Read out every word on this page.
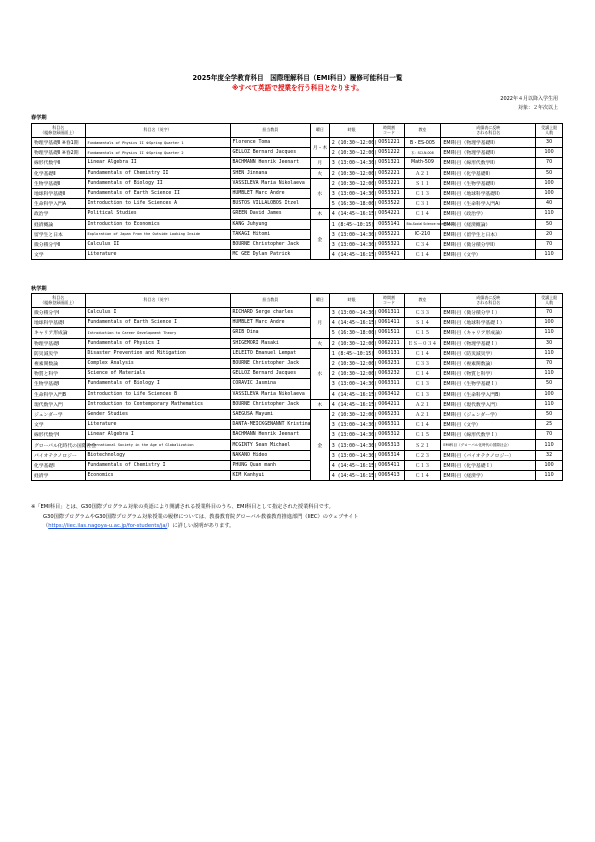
2025年度全学教育科目　国際理解科目（EMI科目）履修可能科目一覧
※すべて英語で授業を行う科目となります。
2022年４月以降入学生用
対象：２年次以上
春学期
科目名
（履修登録画面上）	科目名（英字）	担当教員	曜日	時限	時間割
コード	教室	成績表に反映
される科目名	受講上限
人数
物理学基礎Ⅱ ※春1期	Fundamentals of Physics II ※Spring Quarter 1	Florence Toma	月・木	2 (10:30～12:00)	0051221	B・ES-005	EMI科目（物理学基礎II）	30
物理学基礎Ⅱ ※春2期	Fundamentals of Physics II ※Spring Quarter 2	GELLOZ Bernard Jacques		2 (10:30～12:00)	0051222	木：SCI-N-008	EMI科目（物理学基礎II）	100
線形代数学Ⅱ	Linear Algebra II	BACHMANN Henrik Jeenart	月	3 (13:00～14:30)	0051321	Math-509	EMI科目（線形代数学II）	70
化学基礎Ⅱ	Fundamentals of Chemistry II	SHEN Jinnana	火	2 (10:30～12:00)	0052221	Ａ２１	EMI科目（化学基礎II）	50
生物学基礎Ⅱ	Fundamentals of Biology II	VASSILEVA Maria Nikolaeva	水	2 (10:30～12:00)	0053221	Ｓ１１	EMI科目（生物学基礎II）	100
地球科学基礎Ⅱ	Fundamentals of Earth Science II	HUMBLET Marc Andre		3 (13:00～14:30)	0053321	Ｃ１３	EMI科目（地球科学基礎II）	100
生命科学入門A	Introduction to Life Sciences A	BUSTOS VILLALOBOS Itzel		5 (16:30～18:00)	0053522	Ｃ３１	EMI科目（生命科学入門A）	40
政治学	Political Studies	GREEN David James	木	4 (14:45～16:15)	0054221	Ｃ１４	EMI科目（政治学）	110
経済概論	Introduction to Economics	KANG Juhyung	金	1 (8:45～10:15)	0055141	Bio-Social Science room(DA-1)	EMI科目（経済概論）	50
留学生と日本	Exploration of Japan From the Outside Looking Inside	TAKAGI Hitomi		3 (13:00～14:30)	0055221	IC-210	EMI科目（留学生と日本）	20
微分積分学Ⅱ	Calculus II	BOURNE Christopher Jack		3 (13:00～14:30)	0055321	Ｃ３４	EMI科目（微分積分学II）	70
文学	Literature	MC GEE Dylan Patrick		4 (14:45～16:15)	0055421	Ｃ１４	EMI科目（文学）	110
秋学期
科目名
（履修登録画面上）	科目名（英字）	担当教員	曜日	時限	時間割
コード	教室	成績表に反映
される科目名	受講上限
人数
微分積分学Ⅰ	Calculus I	RICHARD Serge charles	月	3 (13:00～14:30)	0061311	Ｃ３３	EMI科目（微分積分学Ｉ）	70
地球科学基礎Ⅰ	Fundamentals of Earth Science I	HUMBLET Marc Andre		4 (14:45～16:15)	0061411	Ｓ１４	EMI科目（地球科学基礎Ｉ）	100
キャリア形成論	Introduction to Career Development Theory	GRIB Dina		5 (16:30～18:00)	0061511	Ｃ１５	EMI科目（キャリア形成論）	110
物理学基礎Ⅰ	Fundamentals of Physics I	SHIGEMORI Masaki	火	2 (10:30～12:00)	0062211	ＥＳ－０３４	EMI科目（物理学基礎Ｉ）	30
防災減災学	Disaster Prevention and Mitigation	LELEITO Emanuel Lempat	水	1 (8:45～10:15)	0063131	Ｃ１４	EMI科目（防災減災学）	110
複素関数論	Complex Analysis	BOURNE Christopher Jack		2 (10:30～12:00)	0063231	Ｃ３３	EMI科目（複素関数論）	70
物質と科学	Science of Materials	GELLOZ Bernard Jacques		2 (10:30～12:00)	0063232	Ｃ１４	EMI科目（物質と科学）	110
生物学基礎Ⅰ	Fundamentals of Biology I	CORAVIC Jasmina		3 (13:00～14:30)	0063311	Ｃ１３	EMI科目（生物学基礎Ｉ）	50
生命科学入門B	Introduction to Life Sciences B	VASSILEVA Maria Nikolaeva		4 (14:45～16:15)	0063412	Ｃ１３	EMI科目（生命科学入門B）	100
現代数学入門	Introduction to Contemporary Mathematics	BOURNE Christopher Jack	木	4 (14:45～16:15)	0064211	Ａ２１	EMI科目（現代数学入門）	110
ジェンダー学	Gender Studies	SAEGUSA Mayumi	金	2 (10:30～12:00)	0065231	Ａ２１	EMI科目（ジェンダー学）	50
文学	Literature	DANTA-MEICKGENANNT Kristina		3 (13:00～14:30)	0065311	Ｃ１４	EMI科目（文学）	25
線形代数学Ⅰ	Linear Algebra I	BACHMANN Henrik Jeenart		3 (13:00～14:30)	0065312	Ｃ１５	EMI科目（線形代数学Ｉ）	70
グローバル化時代の国際社会	International Society in the Age of Globalization	MCGINTY Sean Michael		3 (13:00～14:30)	0065313	Ｓ２１	EMI科目（グローバル化時代の国際社会）	110
バイオテクノロジー	Biotechnology	NAKANO Hideo		3 (13:00～14:30)	0065314	Ｃ２３	EMI科目（バイオテクノロジー）	32
化学基礎Ⅰ	Fundamentals of Chemistry I	PHUNG Quan manh		4 (14:45～16:15)	0065411	Ｃ１３	EMI科目（化学基礎Ｉ）	100
経済学	Economics	KIM Kanhyui		4 (14:45～16:15)	0065413	Ｃ１４	EMI科目（経済学）	110
※「EMI科目」とは、G30国際プログラム対象の英語により開講される授業科目のうち、EMI科目として指定された授業科目です。
G30国際プログラムやG30国際プログラム対象授業の履修については、教養教育院グローバル教養教育推進部門（IIEC）のウェブサイト
（https://iiec.ilas.nagoya-u.ac.jp/for-students/ja/）に詳しい説明があります。
